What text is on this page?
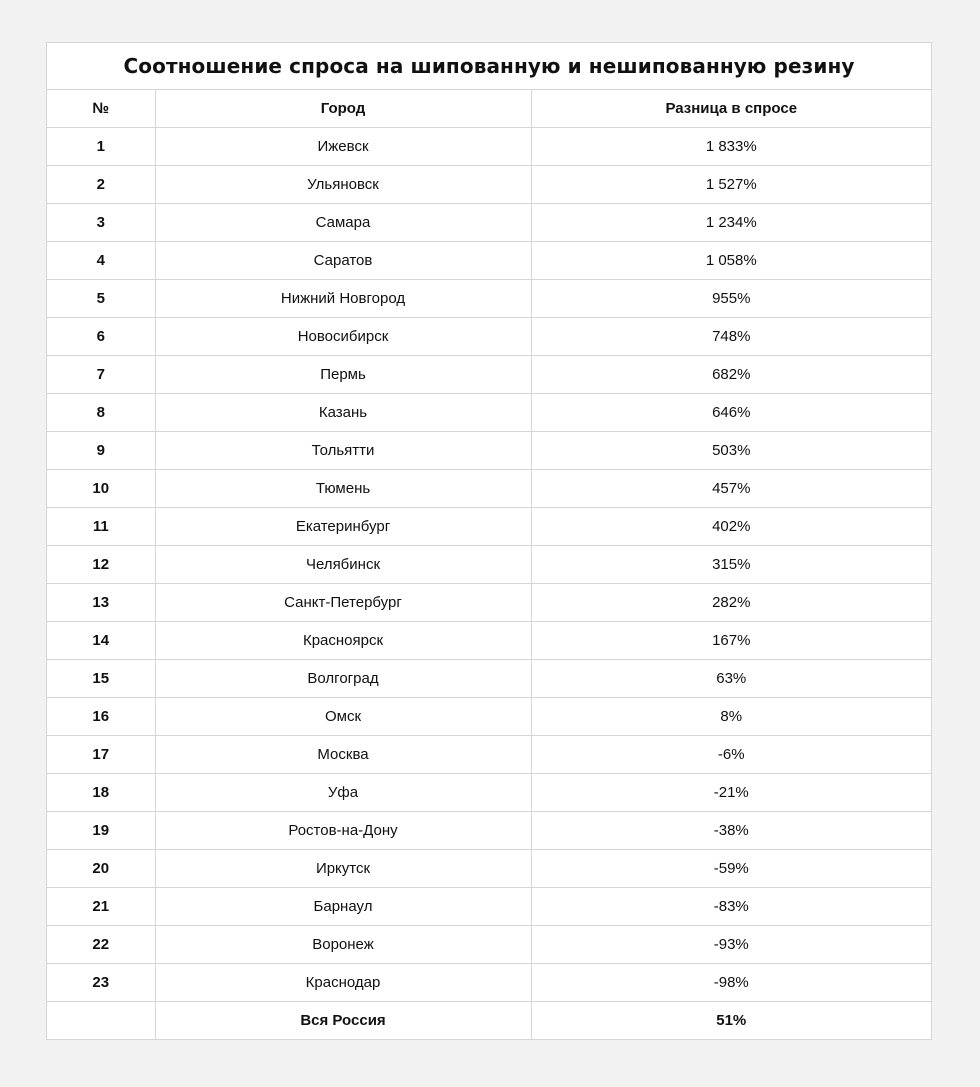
Соотношение спроса на шипованную и нешипованную резину
№	Город	Разница в спросе
1	Ижевск	1 833%
2	Ульяновск	1 527%
3	Самара	1 234%
4	Саратов	1 058%
5	Нижний Новгород	955%
6	Новосибирск	748%
7	Пермь	682%
8	Казань	646%
9	Тольятти	503%
10	Тюмень	457%
11	Екатеринбург	402%
12	Челябинск	315%
13	Санкт-Петербург	282%
14	Красноярск	167%
15	Волгоград	63%
16	Омск	8%
17	Москва	-6%
18	Уфа	-21%
19	Ростов-на-Дону	-38%
20	Иркутск	-59%
21	Барнаул	-83%
22	Воронеж	-93%
23	Краснодар	-98%
	Вся Россия	51%
